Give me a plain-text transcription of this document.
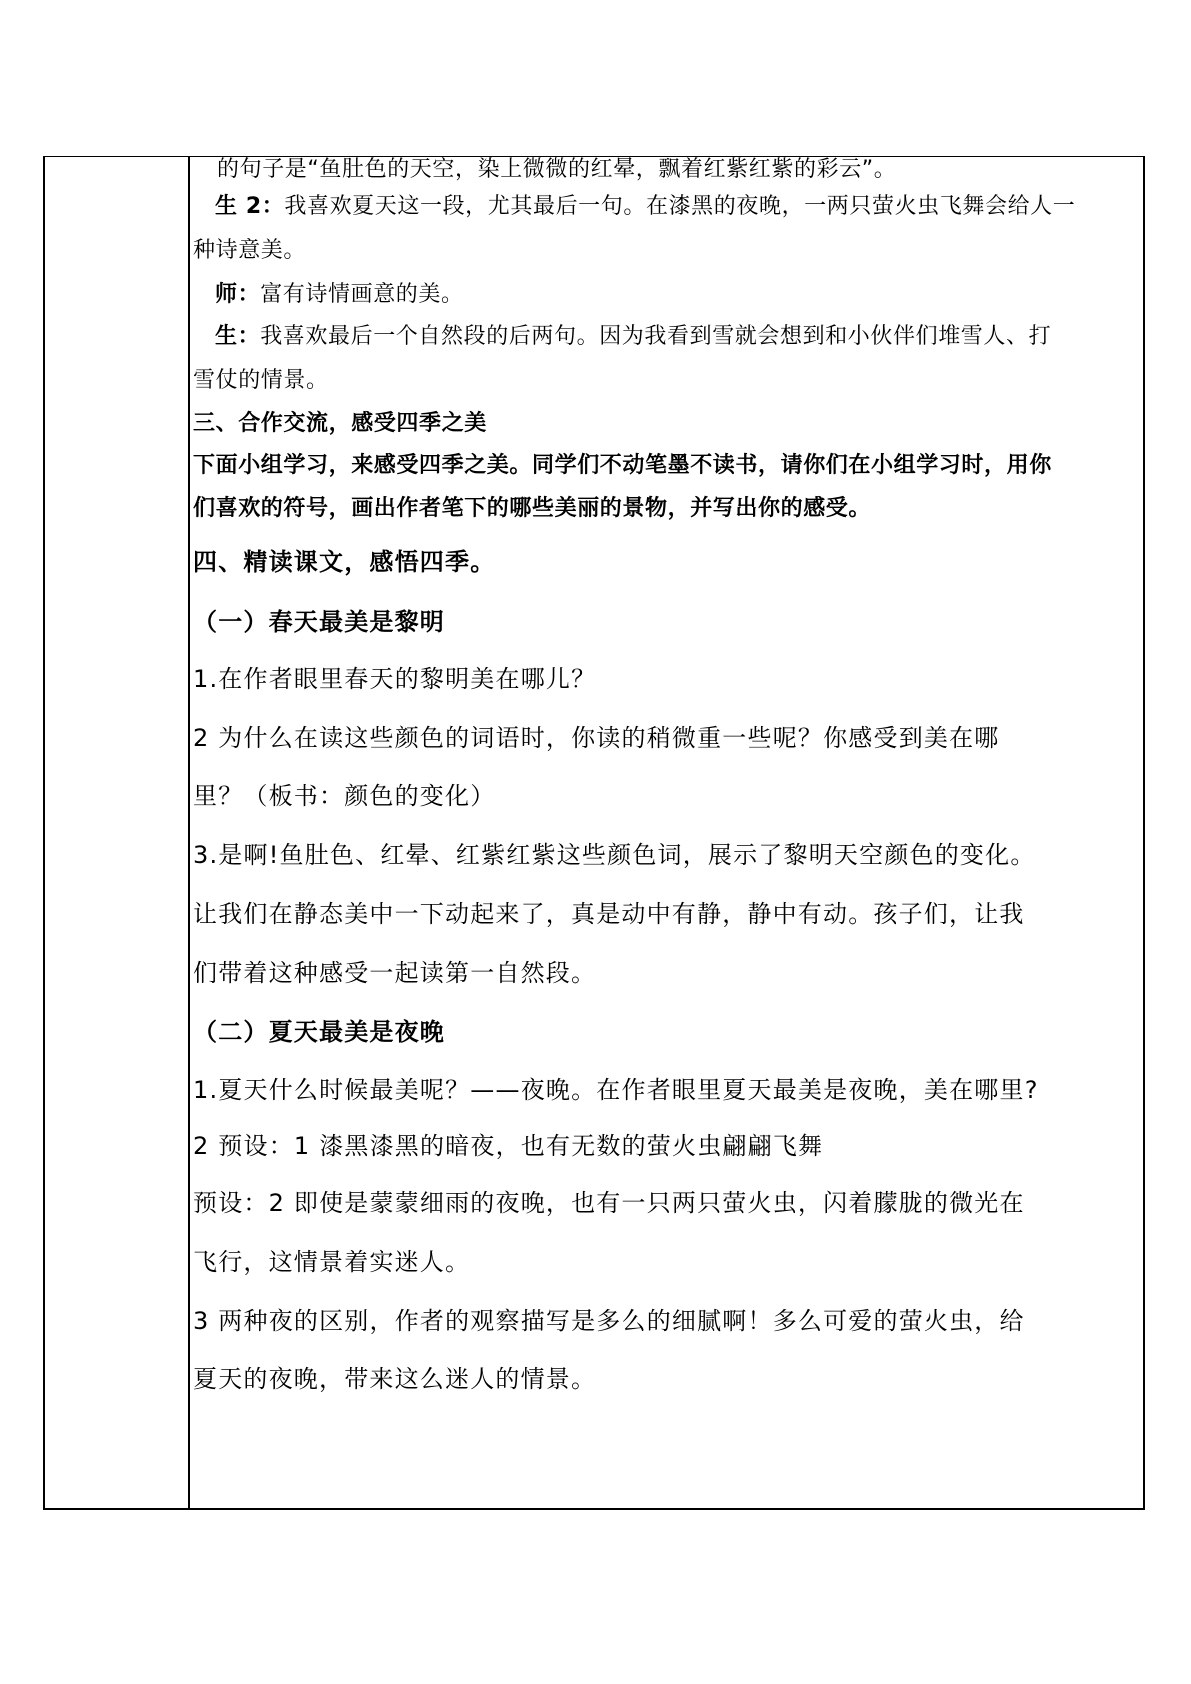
的句子是“鱼肚色的天空，染上微微的红晕，飘着红紫红紫的彩云”。
生 2：我喜欢夏天这一段，尤其最后一句。在漆黑的夜晚，一两只萤火虫飞舞会给人一
种诗意美。
师：富有诗情画意的美。
生：我喜欢最后一个自然段的后两句。因为我看到雪就会想到和小伙伴们堆雪人、打
雪仗的情景。
三、合作交流，感受四季之美
下面小组学习，来感受四季之美。同学们不动笔墨不读书，请你们在小组学习时，用你
们喜欢的符号，画出作者笔下的哪些美丽的景物，并写出你的感受。
四、精读课文，感悟四季。
（一）春天最美是黎明
1.在作者眼里春天的黎明美在哪儿？
2 为什么在读这些颜色的词语时，你读的稍微重一些呢？你感受到美在哪
里？（板书：颜色的变化）
3.是啊!鱼肚色、红晕、红紫红紫这些颜色词，展示了黎明天空颜色的变化。
让我们在静态美中一下动起来了，真是动中有静，静中有动。孩子们，让我
们带着这种感受一起读第一自然段。
（二）夏天最美是夜晚
1.夏天什么时候最美呢？——夜晚。在作者眼里夏天最美是夜晚，美在哪里?
2 预设：1 漆黑漆黑的暗夜，也有无数的萤火虫翩翩飞舞
预设：2 即使是蒙蒙细雨的夜晚，也有一只两只萤火虫，闪着朦胧的微光在
飞行，这情景着实迷人。
3 两种夜的区别，作者的观察描写是多么的细腻啊！多么可爱的萤火虫，给
夏天的夜晚，带来这么迷人的情景。
